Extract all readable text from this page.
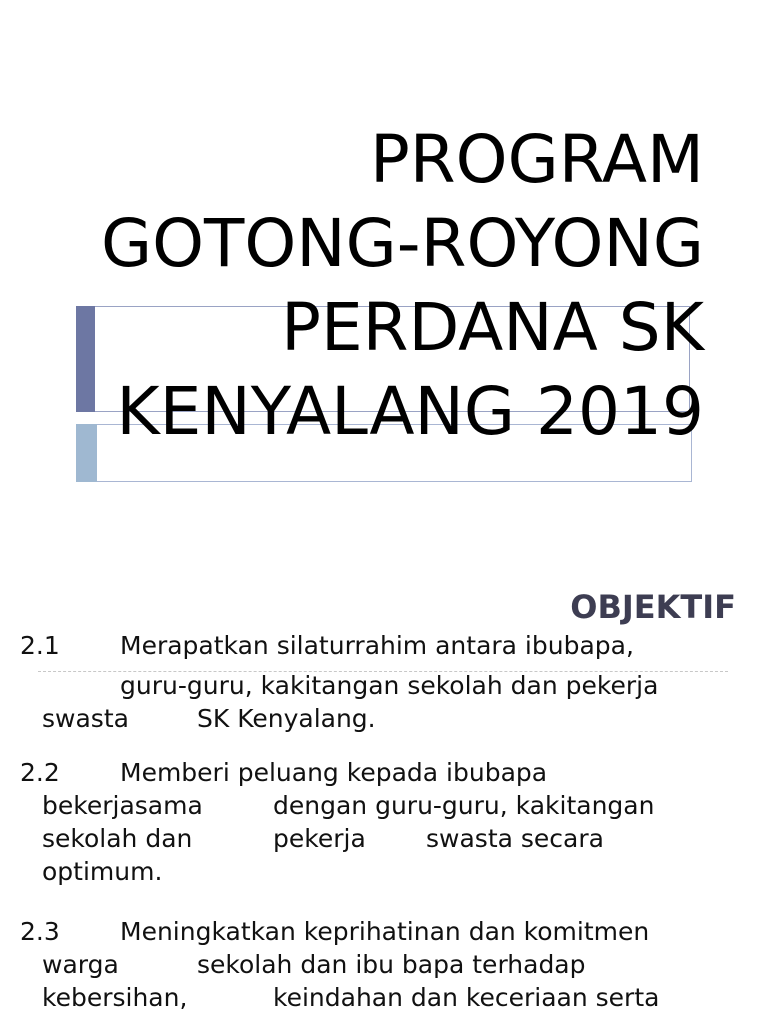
PROGRAM
GOTONG-ROYONG
PERDANA SK
KENYALANG 2019
OBJEKTIF
2.1 Merapatkan silaturrahim antara ibubapa,
guru-guru, kakitangan sekolah dan pekerja
swasta	SK Kenyalang.
2.2 Memberi peluang kepada ibubapa
bekerjasama	dengan guru-guru, kakitangan
sekolah dan	pekerja swasta secara
optimum.
2.3 Meningkatkan keprihatinan dan komitmen
warga	sekolah dan ibu bapa terhadap
kebersihan,	keindahan dan keceriaan serta
